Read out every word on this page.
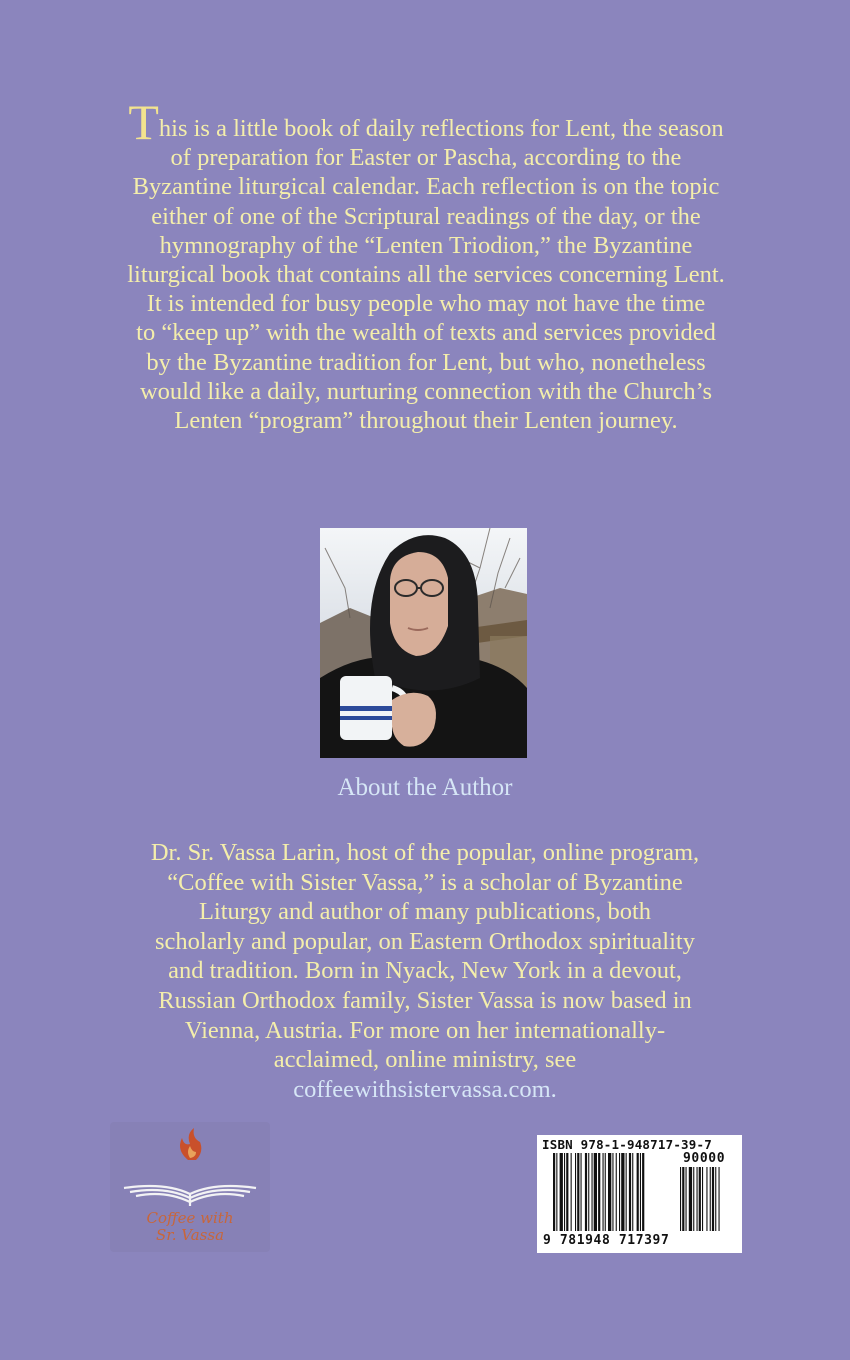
This is a little book of daily reflections for Lent, the season
of preparation for Easter or Pascha, according to the
Byzantine liturgical calendar. Each reflection is on the topic
either of one of the Scriptural readings of the day, or the
hymnography of the “Lenten Triodion,” the Byzantine
liturgical book that contains all the services concerning Lent.
It is intended for busy people who may not have the time
to “keep up” with the wealth of texts and services provided
by the Byzantine tradition for Lent, but who, nonetheless
would like a daily, nurturing connection with the Church’s
Lenten “program” throughout their Lenten journey.
About the Author
Dr. Sr. Vassa Larin, host of the popular, online program,
“Coffee with Sister Vassa,” is a scholar of Byzantine
Liturgy and author of many publications, both
scholarly and popular, on Eastern Orthodox spirituality
and tradition. Born in Nyack, New York in a devout,
Russian Orthodox family, Sister Vassa is now based in
Vienna, Austria. For more on her internationally-
acclaimed, online ministry, see
coffeewithsistervassa.com.
Coffee with
Sr. Vassa
ISBN 978-1-948717-39-7
90000
9 781948 717397
